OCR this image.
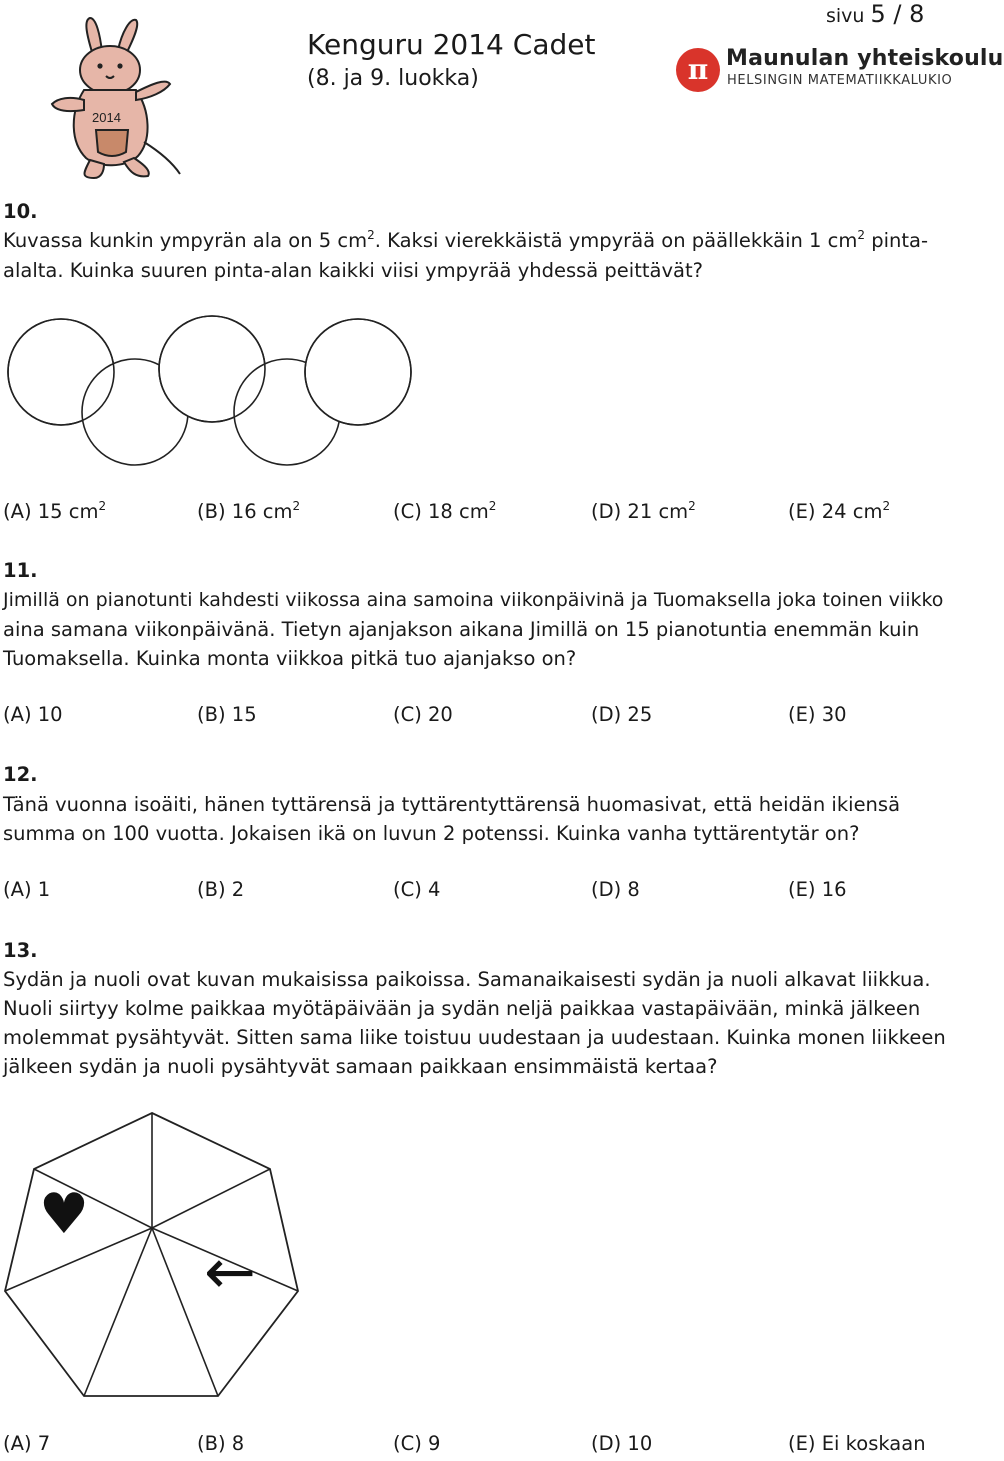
2014
sivu 5 / 8
Kenguru 2014 Cadet
(8. ja 9. luokka)	π Maunulan yhteiskoulu
HELSINGIN MATEMATIIKKALUKIO
10.
Kuvassa kunkin ympyrän ala on 5 $cm^2$. Kaksi vierekkäistä ympyrää on päällekkäin 1 $cm^2$ pinta-
alalta. Kuinka suuren pinta-alan kaikki viisi ympyrää yhdessä peittävät?
(A) 15 $cm^2$	(B) 16 $cm^2$	(C) 18 $cm^2$	(D) 21 $cm^2$	(E) 24 $cm^2$
11.
Jimillä on pianotunti kahdesti viikossa aina samoina viikonpäivinä ja Tuomaksella joka toinen viikko
aina samana viikonpäivänä. Tietyn ajanjakson aikana Jimillä on 15 pianotuntia enemmän kuin
Tuomaksella. Kuinka monta viikkoa pitkä tuo ajanjakso on?
(A) 10	(B) 15	(C) 20	(D) 25	(E) 30
12.
Tänä vuonna isoäiti, hänen tyttärensä ja tyttärentyttärensä huomasivat, että heidän ikiensä
summa on 100 vuotta. Jokaisen ikä on luvun 2 potenssi. Kuinka vanha tyttärentytär on?
(A) 1	(B) 2	(C) 4	(D) 8	(E) 16
13.
Sydän ja nuoli ovat kuvan mukaisissa paikoissa. Samanaikaisesti sydän ja nuoli alkavat liikkua.
Nuoli siirtyy kolme paikkaa myötäpäivään ja sydän neljä paikkaa vastapäivään, minkä jälkeen
molemmat pysähtyvät. Sitten sama liike toistuu uudestaan ja uudestaan. Kuinka monen liikkeen
jälkeen sydän ja nuoli pysähtyvät samaan paikkaan ensimmäistä kertaa?
♥
←
(A) 7	(B) 8	(C) 9	(D) 10	(E) Ei koskaan
